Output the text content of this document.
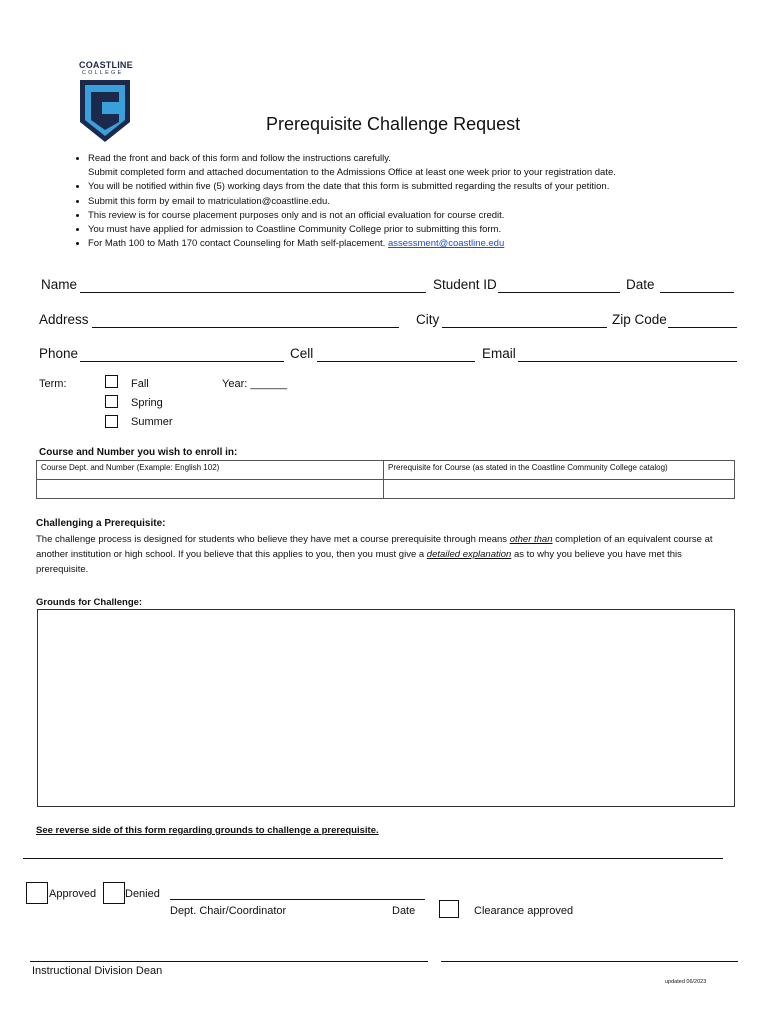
COASTLINE
COLLEGE
Prerequisite Challenge Request
• Read the front and back of this form and follow the instructions carefully.
Submit completed form and attached documentation to the Admissions Office at least one week prior to your registration date.
• You will be notified within five (5) working days from the date that this form is submitted regarding the results of your petition.
• Submit this form by email to matriculation@coastline.edu.
• This review is for course placement purposes only and is not an official evaluation for course credit.
• You must have applied for admission to Coastline Community College prior to submitting this form.
• For Math 100 to Math 170 contact Counseling for Math self-placement. assessment@coastline.edu
Name	Student ID	Date
Address	City	Zip Code
Phone	Cell	Email
Term:	Fall
Spring
Summer
Year: ______
Course and Number you wish to enroll in:
Course Dept. and Number (Example: English 102)	Prerequisite for Course (as stated in the Coastline Community College catalog)

Challenging a Prerequisite:
The challenge process is designed for students who believe they have met a course prerequisite through means other than completion of an equivalent course at another institution or high school. If you believe that this applies to you, then you must give a detailed explanation as to why you believe you have met this prerequisite.
Grounds for Challenge:
See reverse side of this form regarding grounds to challenge a prerequisite.
Approved	Denied
Dept. Chair/Coordinator	Date	Clearance approved
Instructional Division Dean
updated 06/2023
